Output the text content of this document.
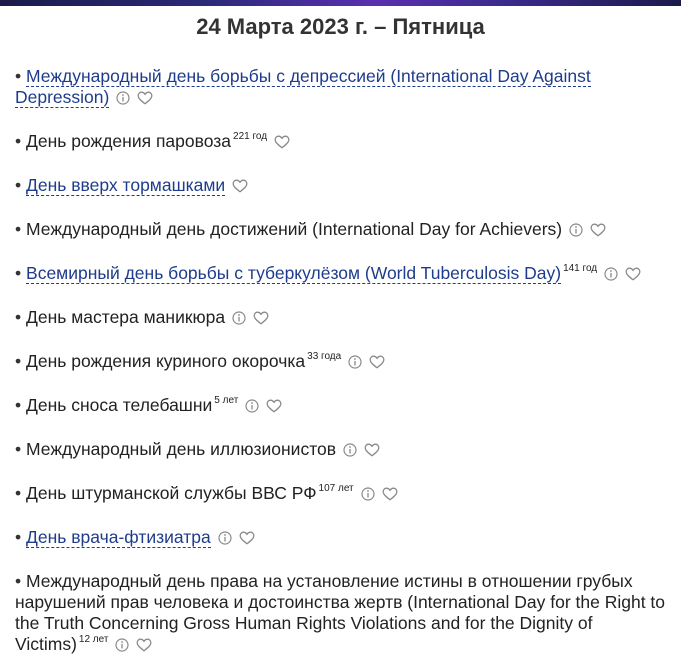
24 Марта 2023 г. – Пятница
• Международный день борьбы с депрессией (International Day Against Depression)
• День рождения паровоза $^{221 год}$
• День вверх тормашками
• Международный день достижений (International Day for Achievers)
• Всемирный день борьбы с туберкулёзом (World Tuberculosis Day) $^{141 год}$
• День мастера маникюра
• День рождения куриного окорочка $^{33 года}$
• День сноса телебашни $^{5 лет}$
• Международный день иллюзионистов
• День штурманской службы ВВС РФ $^{107 лет}$
• День врача-фтизиатра
• Международный день права на установление истины в отношении грубых нарушений прав человека и достоинства жертв (International Day for the Right to the Truth Concerning Gross Human Rights Violations and for the Dignity of Victims) $^{12 лет}$
